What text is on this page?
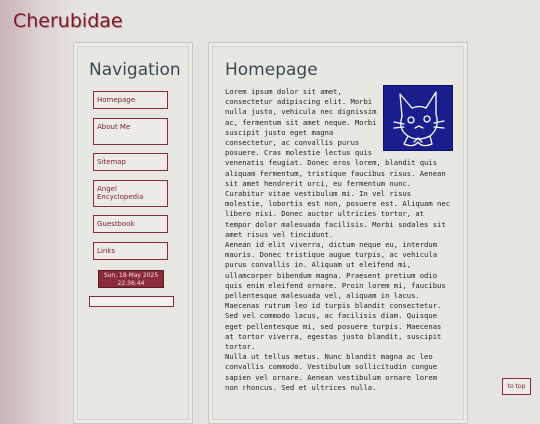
Cherubidae
Navigation
Homepage
About Me
Sitemap
Angel Encyclopedia
Guestbook
Links
Sun, 18 May 2025
22:36:44
Homepage

Lorem ipsum dolor sit amet, consectetur adipiscing elit. Morbi nulla justo, vehicula nec dignissim ac, fermentum sit amet neque. Morbi suscipit justo eget magna consectetur, ac convallis purus posuere. Cras molestie lectus quis venenatis feugiat. Donec eros lorem, blandit quis aliquam fermentum, tristique faucibus risus. Aenean sit amet hendrerit orci, eu fermentum nunc. Curabitur vitae vestibulum mi. In vel risus molestie, lobortis est non, posuere est. Aliquam nec libero nisi. Donec auctor ultricies tortor, at tempor dolor malesuada facilisis. Morbi sodales sit amet risus vel tincidunt.

Aenean id elit viverra, dictum neque eu, interdum mauris. Donec tristique augue turpis, ac vehicula purus convallis in. Aliquam ut eleifend mi, ullamcorper bibendum magna. Praesent pretium odio quis enim eleifend ornare. Proin lorem mi, faucibus pellentesque malesuada vel, aliquam in lacus. Maecenas rutrum leo id turpis blandit consectetur. Sed vel commodo lacus, ac facilisis diam. Quisque eget pellentesque mi, sed posuere turpis. Maecenas at tortor viverra, egestas justo blandit, suscipit tortor.

Nulla ut tellus metus. Nunc blandit magna ac leo convallis commodo. Vestibulum sollicitudin congue sapien vel ornare. Aenean vestibulum ornare lorem non rhoncus. Sed et ultrices nulla.	to top
